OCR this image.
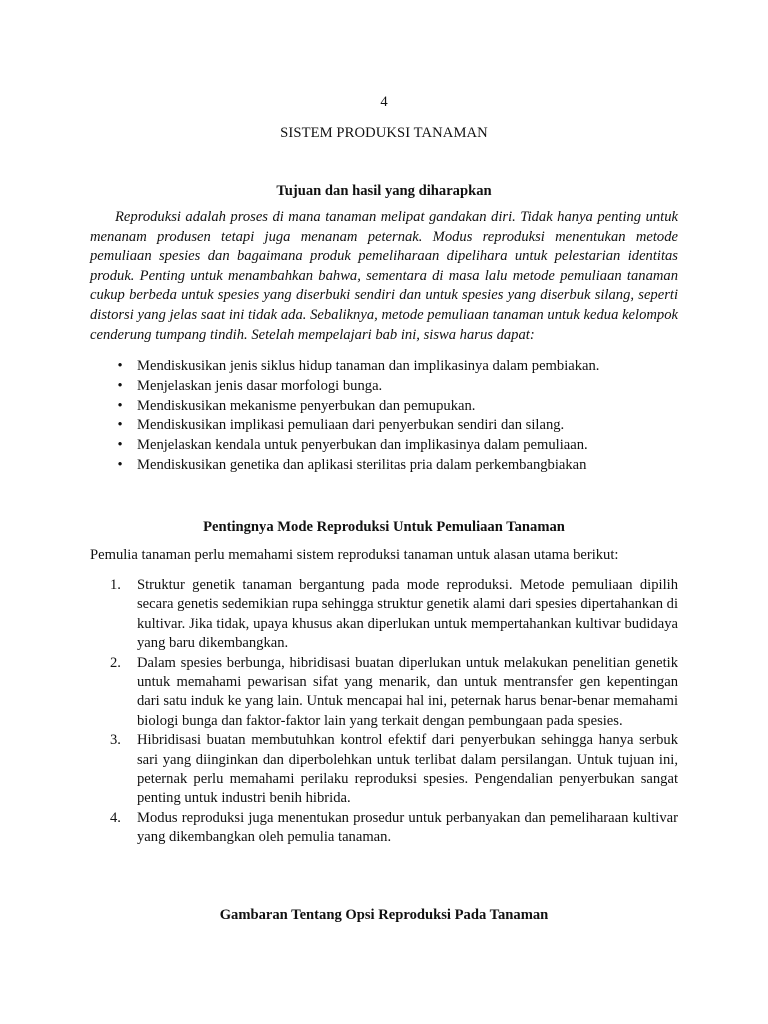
4
SISTEM PRODUKSI TANAMAN
Tujuan dan hasil yang diharapkan

Reproduksi adalah proses di mana tanaman melipat gandakan diri. Tidak hanya penting untuk menanam produsen tetapi juga menanam peternak. Modus reproduksi menentukan metode pemuliaan spesies dan bagaimana produk pemeliharaan dipelihara untuk pelestarian identitas produk. Penting untuk menambahkan bahwa, sementara di masa lalu metode pemuliaan tanaman cukup berbeda untuk spesies yang diserbuki sendiri dan untuk spesies yang diserbuk silang, seperti distorsi yang jelas saat ini tidak ada. Sebaliknya, metode pemuliaan tanaman untuk kedua kelompok cenderung tumpang tindih. Setelah mempelajari bab ini, siswa harus dapat:

• Mendiskusikan jenis siklus hidup tanaman dan implikasinya dalam pembiakan.
• Menjelaskan jenis dasar morfologi bunga.
• Mendiskusikan mekanisme penyerbukan dan pemupukan.
• Mendiskusikan implikasi pemuliaan dari penyerbukan sendiri dan silang.
• Menjelaskan kendala untuk penyerbukan dan implikasinya dalam pemuliaan.
• Mendiskusikan genetika dan aplikasi sterilitas pria dalam perkembangbiakan
Pentingnya Mode Reproduksi Untuk Pemuliaan Tanaman

Pemulia tanaman perlu memahami sistem reproduksi tanaman untuk alasan utama berikut:

1.	Struktur genetik tanaman bergantung pada mode reproduksi. Metode pemuliaan dipilih secara genetis sedemikian rupa sehingga struktur genetik alami dari spesies dipertahankan di kultivar. Jika tidak, upaya khusus akan diperlukan untuk mempertahankan kultivar budidaya yang baru dikembangkan.
2.	Dalam spesies berbunga, hibridisasi buatan diperlukan untuk melakukan penelitian genetik untuk memahami pewarisan sifat yang menarik, dan untuk mentransfer gen kepentingan dari satu induk ke yang lain. Untuk mencapai hal ini, peternak harus benar-benar memahami biologi bunga dan faktor-faktor lain yang terkait dengan pembungaan pada spesies.
3.	Hibridisasi buatan membutuhkan kontrol efektif dari penyerbukan sehingga hanya serbuk sari yang diinginkan dan diperbolehkan untuk terlibat dalam persilangan. Untuk tujuan ini, peternak perlu memahami perilaku reproduksi spesies. Pengendalian penyerbukan sangat penting untuk industri benih hibrida.
4.	Modus reproduksi juga menentukan prosedur untuk perbanyakan dan pemeliharaan kultivar yang dikembangkan oleh pemulia tanaman.
Gambaran Tentang Opsi Reproduksi Pada Tanaman
